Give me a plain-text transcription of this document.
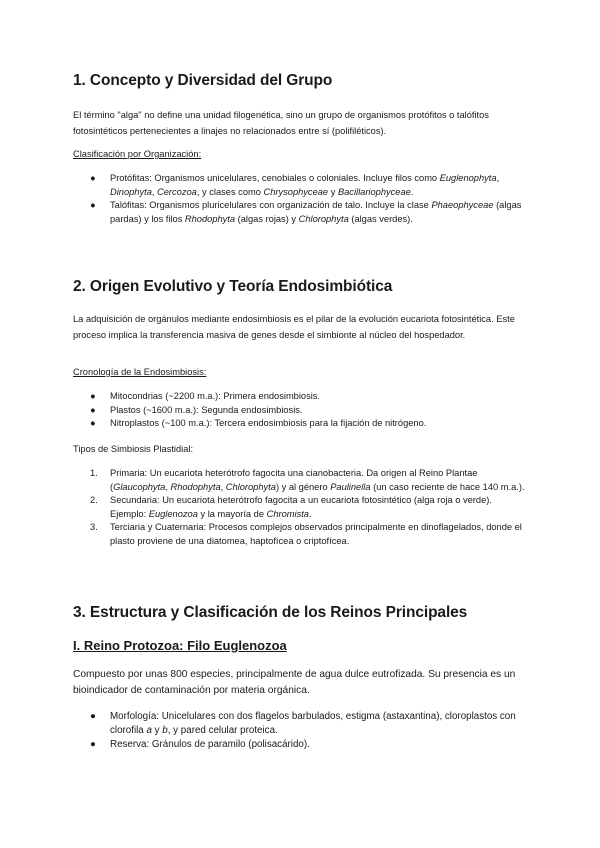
1. Concepto y Diversidad del Grupo

El término "alga" no define una unidad filogenética, sino un grupo de organismos protófitos o talófitos fotosintéticos pertenecientes a linajes no relacionados entre sí (polifiléticos).

Clasificación por Organización:
● Protófitas: Organismos unicelulares, cenobiales o coloniales. Incluye filos como Euglenophyta, Dinophyta, Cercozoa, y clases como Chrysophyceae y Bacillariophyceae.
● Talófitas: Organismos pluricelulares con organización de talo. Incluye la clase Phaeophyceae (algas pardas) y los filos Rhodophyta (algas rojas) y Chlorophyta (algas verdes).
2. Origen Evolutivo y Teoría Endosimbiótica

La adquisición de orgánulos mediante endosimbiosis es el pilar de la evolución eucariota fotosintética. Este proceso implica la transferencia masiva de genes desde el simbionte al núcleo del hospedador.

Cronología de la Endosimbiosis:
● Mitocondrias (~2200 m.a.): Primera endosimbiosis.
● Plastos (~1600 m.a.): Segunda endosimbiosis.
● Nitroplastos (~100 m.a.): Tercera endosimbiosis para la fijación de nitrógeno.
Tipos de Simbiosis Plastidial:
1. Primaria: Un eucariota heterótrofo fagocita una cianobacteria. Da origen al Reino Plantae (Glaucophyta, Rhodophyta, Chlorophyta) y al género Paulinella (un caso reciente de hace 140 m.a.).
2. Secundaria: Un eucariota heterótrofo fagocita a un eucariota fotosintético (alga roja o verde). Ejemplo: Euglenozoa y la mayoría de Chromista.
3. Terciaria y Cuaternaria: Procesos complejos observados principalmente en dinoflagelados, donde el plasto proviene de una diatomea, haptofícea o criptofícea.
3. Estructura y Clasificación de los Reinos Principales
I. Reino Protozoa: Filo Euglenozoa

Compuesto por unas 800 especies, principalmente de agua dulce eutrofizada. Su presencia es un bioindicador de contaminación por materia orgánica.

● Morfología: Unicelulares con dos flagelos barbulados, estigma (astaxantina), cloroplastos con clorofila a y b, y pared celular proteica.
● Reserva: Gránulos de paramilo (polisacárido).
